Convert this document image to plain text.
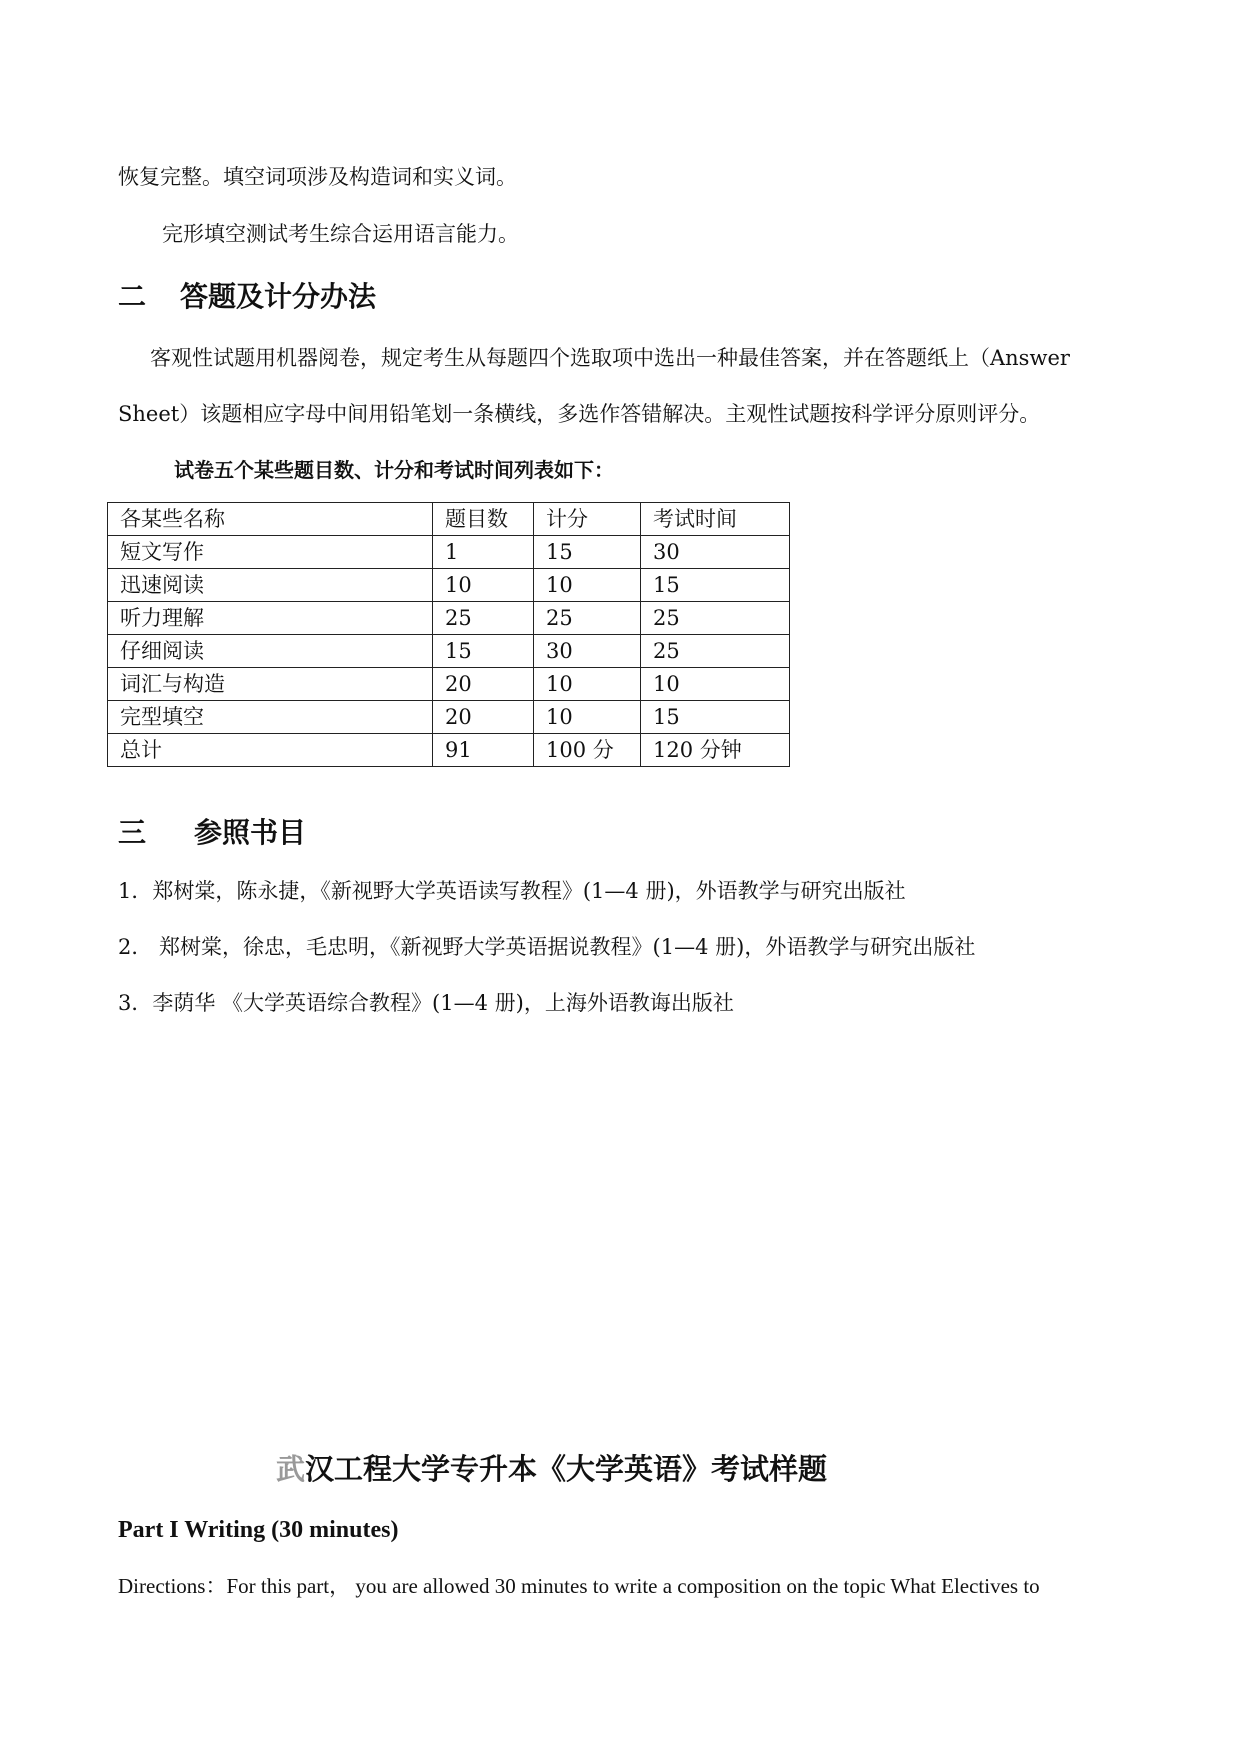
恢复完整。填空词项涉及构造词和实义词。
完形填空测试考生综合运用语言能力。
二 答题及计分办法
客观性试题用机器阅卷，规定考生从每题四个选取项中选出一种最佳答案，并在答题纸上（Answer
Sheet）该题相应字母中间用铅笔划一条横线，多选作答错解决。主观性试题按科学评分原则评分。
试卷五个某些题目数、计分和考试时间列表如下：
各某些名称	题目数	计分	考试时间
短文写作	1	15	30
迅速阅读	10	10	15
听力理解	25	25	25
仔细阅读	15	30	25
词汇与构造	20	10	10
完型填空	20	10	15
总计	91	100 分	120 分钟
三 参照书目
1．郑树棠，陈永捷，《新视野大学英语读写教程》(1—4 册)，外语教学与研究出版社
2． 郑树棠，徐忠，毛忠明，《新视野大学英语据说教程》(1—4 册)，外语教学与研究出版社
3．李荫华 《大学英语综合教程》(1—4 册)，上海外语教诲出版社
武汉工程大学专升本《大学英语》考试样题
Part I Writing (30 minutes)
Directions：For this part， you are allowed 30 minutes to write a composition on the topic What Electives to
